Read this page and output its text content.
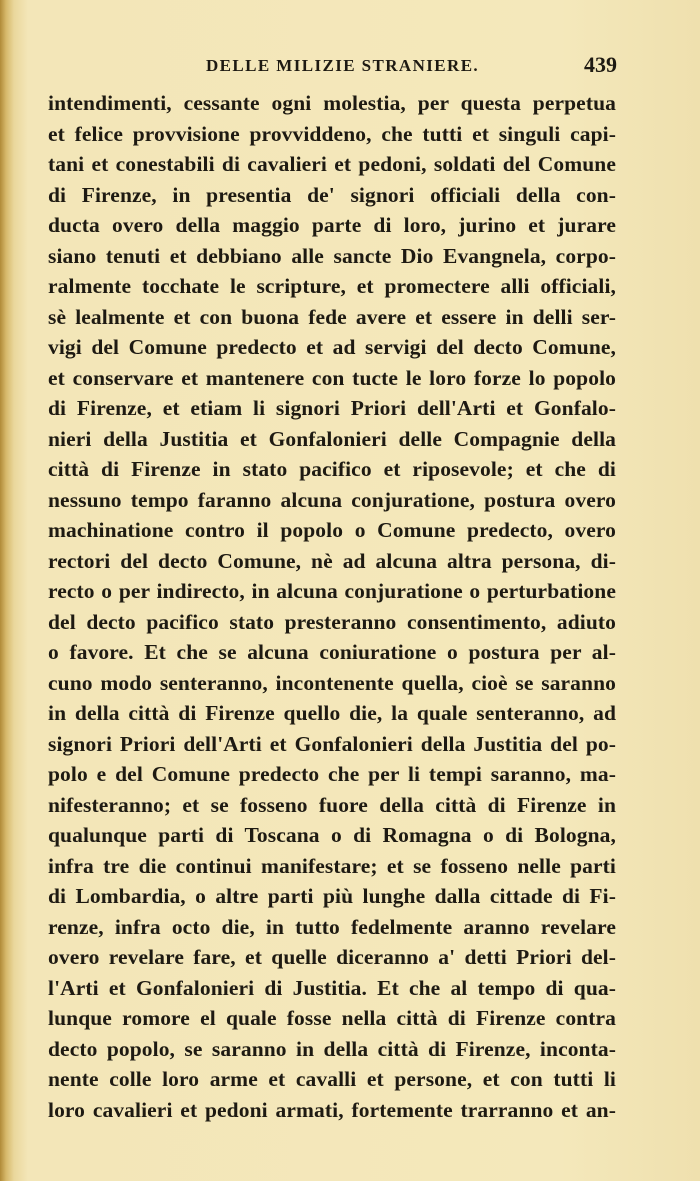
DELLE MILIZIE STRANIERE.	439
intendimenti, cessante ogni molestia, per questa perpetua
et felice provvisione provviddeno, che tutti et singuli capi-
tani et conestabili di cavalieri et pedoni, soldati del Comune
di Firenze, in presentia de' signori officiali della con-
ducta overo della maggio parte di loro, jurino et jurare
siano tenuti et debbiano alle sancte Dio Evangnela, corpo-
ralmente tocchate le scripture, et promectere alli officiali,
sè lealmente et con buona fede avere et essere in delli ser-
vigi del Comune predecto et ad servigi del decto Comune,
et conservare et mantenere con tucte le loro forze lo popolo
di Firenze, et etiam li signori Priori dell'Arti et Gonfalo-
nieri della Justitia et Gonfalonieri delle Compagnie della
città di Firenze in stato pacifico et riposevole; et che di
nessuno tempo faranno alcuna conjuratione, postura overo
machinatione contro il popolo o Comune predecto, overo
rectori del decto Comune, nè ad alcuna altra persona, di-
recto o per indirecto, in alcuna conjuratione o perturbatione
del decto pacifico stato presteranno consentimento, adiuto
o favore. Et che se alcuna coniuratione o postura per al-
cuno modo senteranno, incontenente quella, cioè se saranno
in della città di Firenze quello die, la quale senteranno, ad
signori Priori dell'Arti et Gonfalonieri della Justitia del po-
polo e del Comune predecto che per li tempi saranno, ma-
nifesteranno; et se fosseno fuore della città di Firenze in
qualunque parti di Toscana o di Romagna o di Bologna,
infra tre die continui manifestare; et se fosseno nelle parti
di Lombardia, o altre parti più lunghe dalla cittade di Fi-
renze, infra octo die, in tutto fedelmente aranno revelare
overo revelare fare, et quelle diceranno a' detti Priori del-
l'Arti et Gonfalonieri di Justitia. Et che al tempo di qua-
lunque romore el quale fosse nella città di Firenze contra
decto popolo, se saranno in della città di Firenze, inconta-
nente colle loro arme et cavalli et persone, et con tutti li
loro cavalieri et pedoni armati, fortemente trarranno et an-
